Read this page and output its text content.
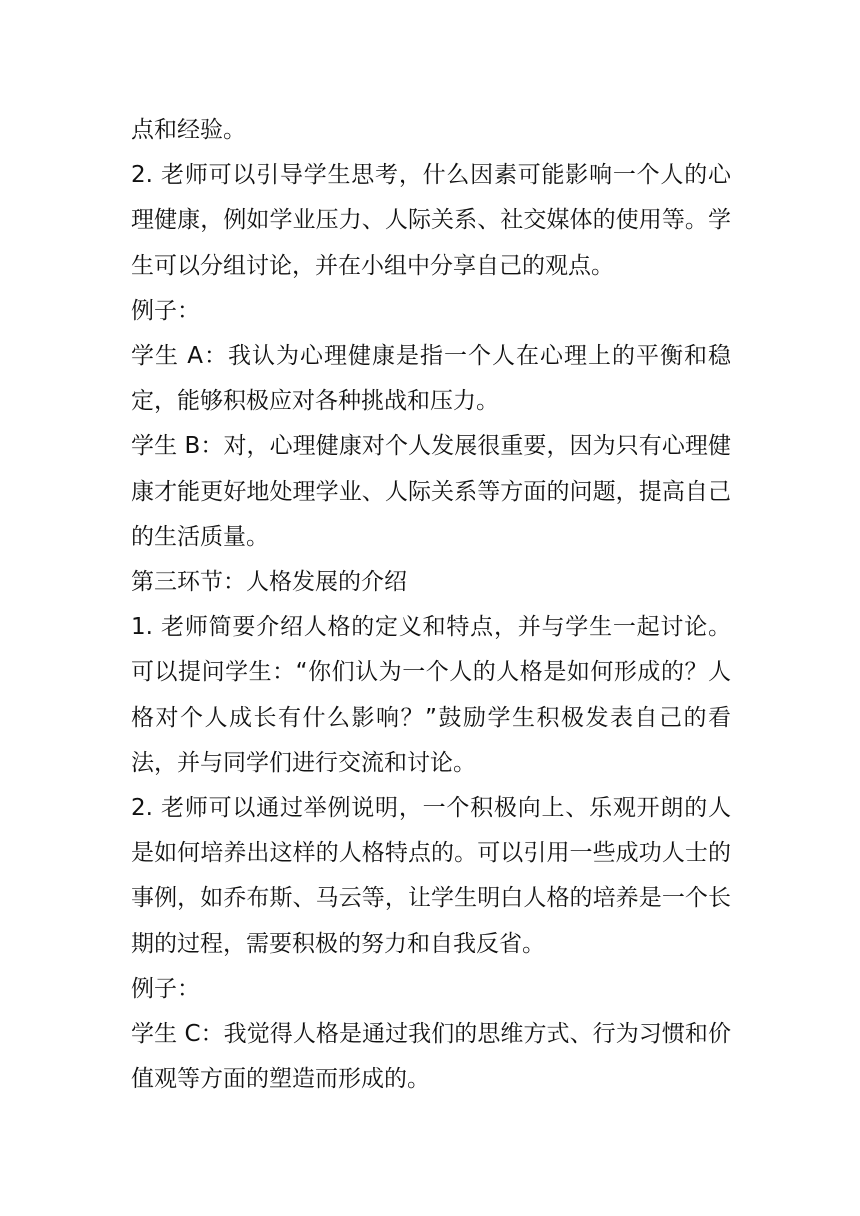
点和经验。

2. 老师可以引导学生思考，什么因素可能影响一个人的心理健康，例如学业压力、人际关系、社交媒体的使用等。学生可以分组讨论，并在小组中分享自己的观点。

例子：

学生 A：我认为心理健康是指一个人在心理上的平衡和稳定，能够积极应对各种挑战和压力。

学生 B：对，心理健康对个人发展很重要，因为只有心理健康才能更好地处理学业、人际关系等方面的问题，提高自己的生活质量。

第三环节：人格发展的介绍

1. 老师简要介绍人格的定义和特点，并与学生一起讨论。可以提问学生：“你们认为一个人的人格是如何形成的？人格对个人成长有什么影响？”鼓励学生积极发表自己的看法，并与同学们进行交流和讨论。

2. 老师可以通过举例说明，一个积极向上、乐观开朗的人是如何培养出这样的人格特点的。可以引用一些成功人士的事例，如乔布斯、马云等，让学生明白人格的培养是一个长期的过程，需要积极的努力和自我反省。

例子：

学生 C：我觉得人格是通过我们的思维方式、行为习惯和价值观等方面的塑造而形成的。
